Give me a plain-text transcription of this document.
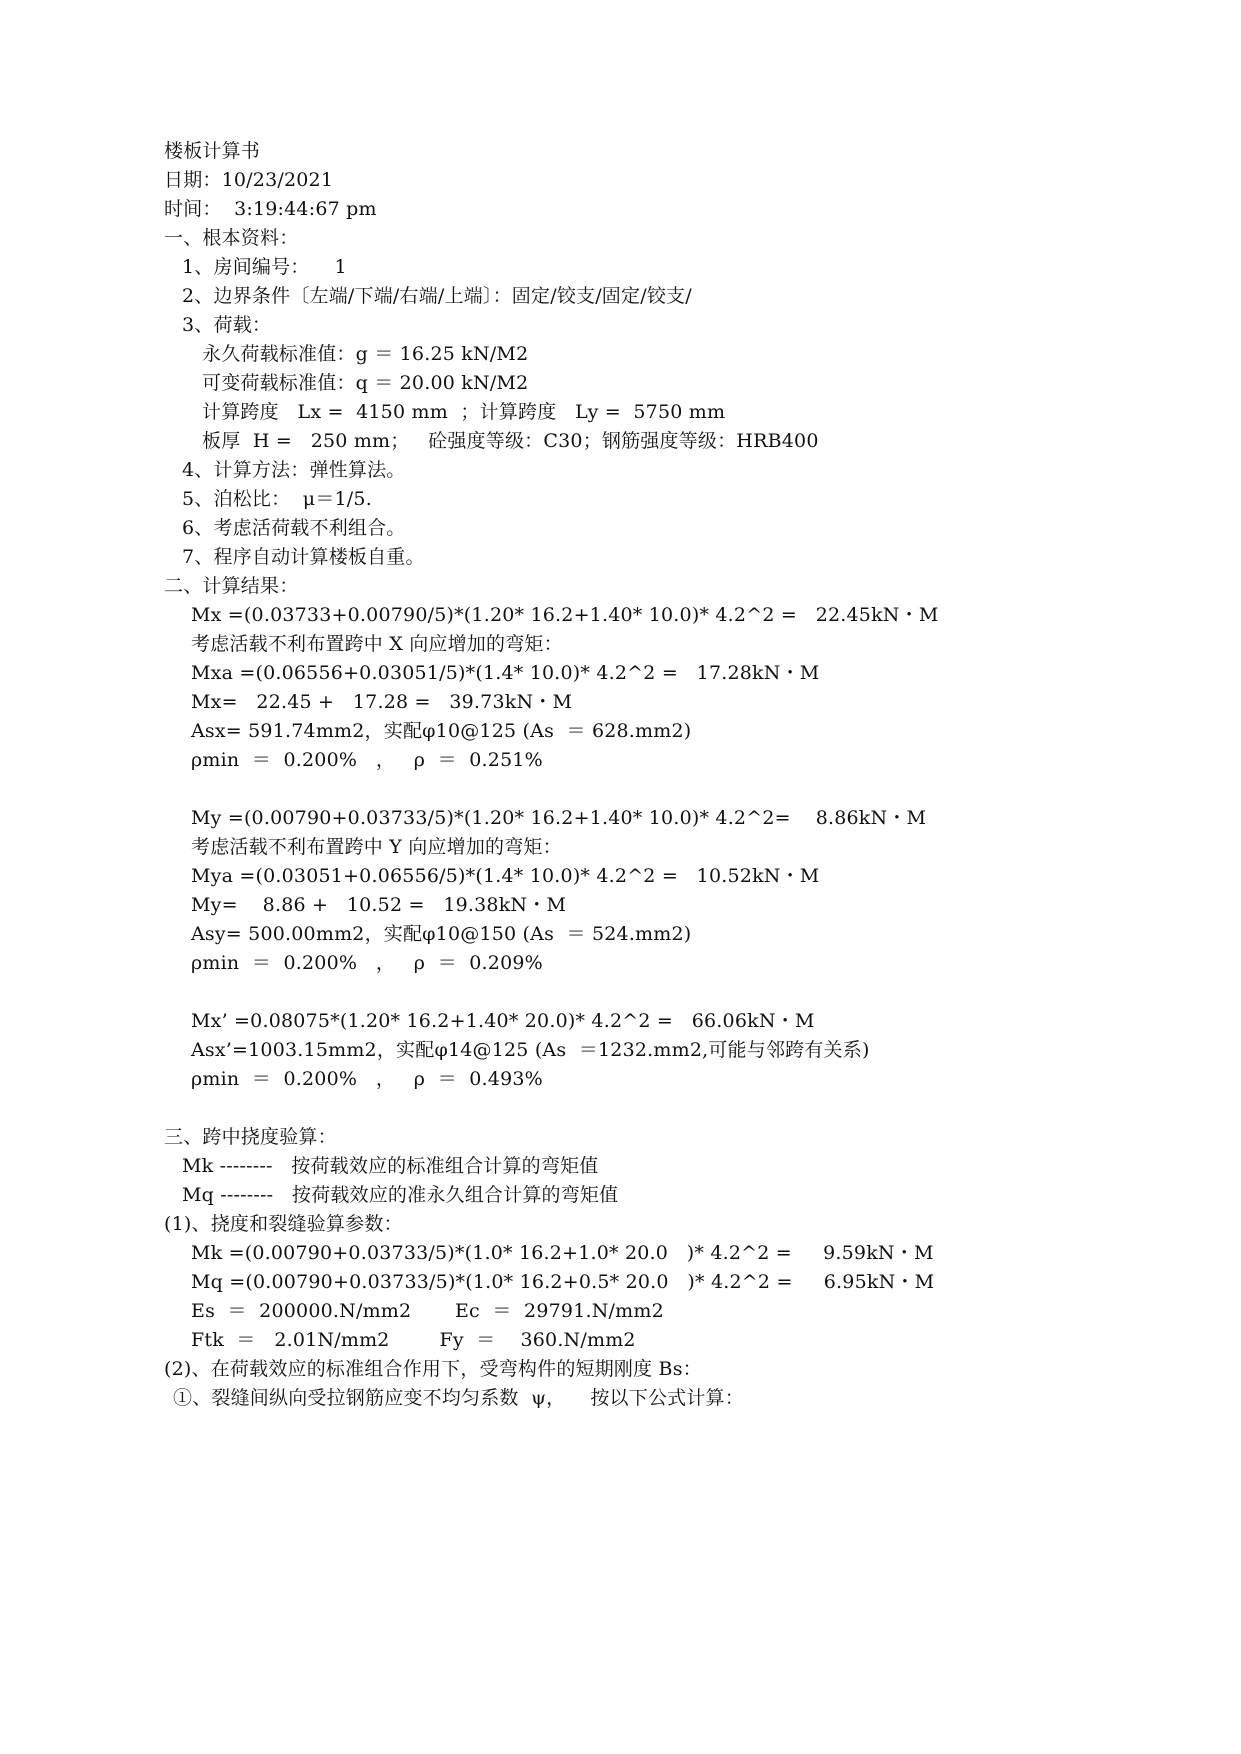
楼板计算书
日期：10/23/2021
时间：  3:19:44:67 pm
一、根本资料：
1、房间编号：    1
2、边界条件〔左端/下端/右端/上端〕：固定/铰支/固定/铰支/
3、荷载：
永久荷载标准值：g ＝ 16.25 kN/M2
可变荷载标准值：q ＝ 20.00 kN/M2
计算跨度   Lx =  4150 mm  ；计算跨度   Ly =  5750 mm
板厚  H =   250 mm；   砼强度等级：C30；钢筋强度等级：HRB400
4、计算方法：弹性算法。
5、泊松比：  μ＝1/5.
6、考虑活荷载不利组合。
7、程序自动计算楼板自重。
二、计算结果：
Mx =(0.03733+0.00790/5)*(1.20* 16.2+1.40* 10.0)* 4.2^2 =   22.45kN・M
考虑活载不利布置跨中 X 向应增加的弯矩：
Mxa =(0.06556+0.03051/5)*(1.4* 10.0)* 4.2^2 =   17.28kN・M
Mx=   22.45 +   17.28 =   39.73kN・M
Asx= 591.74mm2，实配φ10@125 (As  ＝ 628.mm2)
ρmin  ＝  0.200%   ，   ρ  ＝  0.251%
My =(0.00790+0.03733/5)*(1.20* 16.2+1.40* 10.0)* 4.2^2=    8.86kN・M
考虑活载不利布置跨中 Y 向应增加的弯矩：
Mya =(0.03051+0.06556/5)*(1.4* 10.0)* 4.2^2 =   10.52kN・M
My=    8.86 +   10.52 =   19.38kN・M
Asy= 500.00mm2，实配φ10@150 (As  ＝ 524.mm2)
ρmin  ＝  0.200%   ，   ρ  ＝  0.209%
Mx’ =0.08075*(1.20* 16.2+1.40* 20.0)* 4.2^2 =   66.06kN・M
Asx’=1003.15mm2，实配φ14@125 (As  ＝1232.mm2,可能与邻跨有关系)
ρmin  ＝  0.200%   ，   ρ  ＝  0.493%
三、跨中挠度验算：
Mk --------   按荷载效应的标准组合计算的弯矩值
Mq --------   按荷载效应的准永久组合计算的弯矩值
(1)、挠度和裂缝验算参数：
Mk =(0.00790+0.03733/5)*(1.0* 16.2+1.0* 20.0   )* 4.2^2 =     9.59kN・M
Mq =(0.00790+0.03733/5)*(1.0* 16.2+0.5* 20.0   )* 4.2^2 =     6.95kN・M
Es  ＝  200000.N/mm2       Ec  ＝  29791.N/mm2
Ftk  ＝   2.01N/mm2        Fy  ＝    360.N/mm2
(2)、在荷载效应的标准组合作用下，受弯构件的短期刚度 Bs：
①、裂缝间纵向受拉钢筋应变不均匀系数  ψ，    按以下公式计算：
